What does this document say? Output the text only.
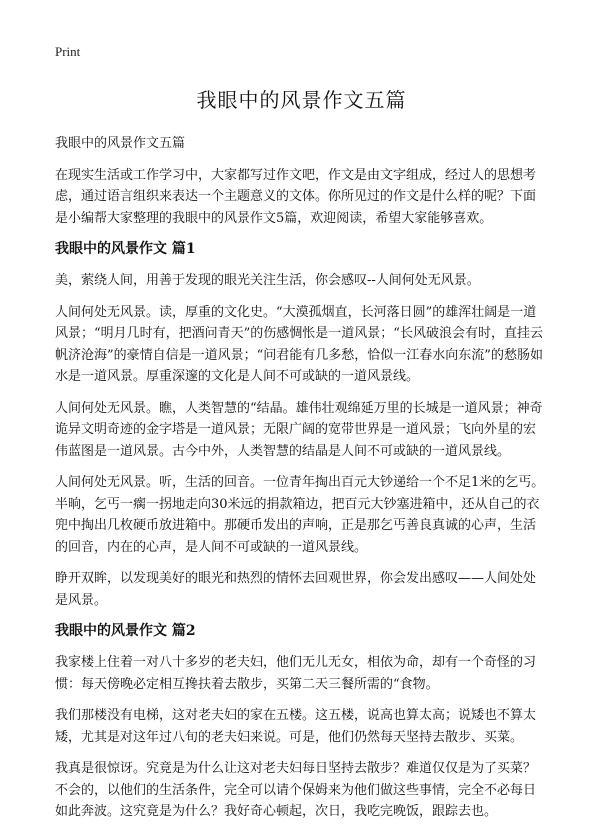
Print
我眼中的风景作文五篇

我眼中的风景作文五篇

在现实生活或工作学习中，大家都写过作文吧，作文是由文字组成，经过人的思想考虑，通过语言组织来表达一个主题意义的文体。你所见过的作文是什么样的呢？下面是小编帮大家整理的我眼中的风景作文5篇，欢迎阅读，希望大家能够喜欢。

我眼中的风景作文 篇1

美，萦绕人间，用善于发现的眼光关注生活，你会感叹--人间何处无风景。

人间何处无风景。读，厚重的文化史。“大漠孤烟直，长河落日圆”的雄浑壮阔是一道风景；“明月几时有，把酒问青天”的伤感惆怅是一道风景；“长风破浪会有时，直挂云帆济沧海”的豪情自信是一道风景；“问君能有几多愁，恰似一江春水向东流”的愁肠如水是一道风景。厚重深邃的文化是人间不可或缺的一道风景线。

人间何处无风景。瞧，人类智慧的“结晶。雄伟壮观绵延万里的长城是一道风景；神奇诡异文明奇迹的金字塔是一道风景；无限广阔的宽带世界是一道风景；飞向外星的宏伟蓝图是一道风景。古今中外，人类智慧的结晶是人间不可或缺的一道风景线。

人间何处无风景。听，生活的回音。一位青年掏出百元大钞递给一个不足1米的乞丐。半晌，乞丐一瘸一拐地走向30米远的捐款箱边，把百元大钞塞进箱中，还从自己的衣兜中掏出几枚硬币放进箱中。那硬币发出的声响，正是那乞丐善良真诚的心声，生活的回音，内在的心声，是人间不可或缺的一道风景线。

睁开双眸，以发现美好的眼光和热烈的情怀去回观世界，你会发出感叹——人间处处是风景。

我眼中的风景作文 篇2

我家楼上住着一对八十多岁的老夫妇，他们无儿无女，相依为命，却有一个奇怪的习惯：每天傍晚必定相互搀扶着去散步，买第二天三餐所需的“食物。

我们那楼没有电梯，这对老夫妇的家在五楼。这五楼，说高也算太高；说矮也不算太矮，尤其是对这年过八旬的老夫妇来说。可是，他们仍然每天坚持去散步、买菜。

我真是很惊讶。究竟是为什么让这对老夫妇每日坚持去散步？难道仅仅是为了买菜？不会的，以他们的生活条件，完全可以请个保姆来为他们做这些事情，完全不必每日如此奔波。这究竟是为什么？我好奇心顿起，次日，我吃完晚饭，跟踪去也。
